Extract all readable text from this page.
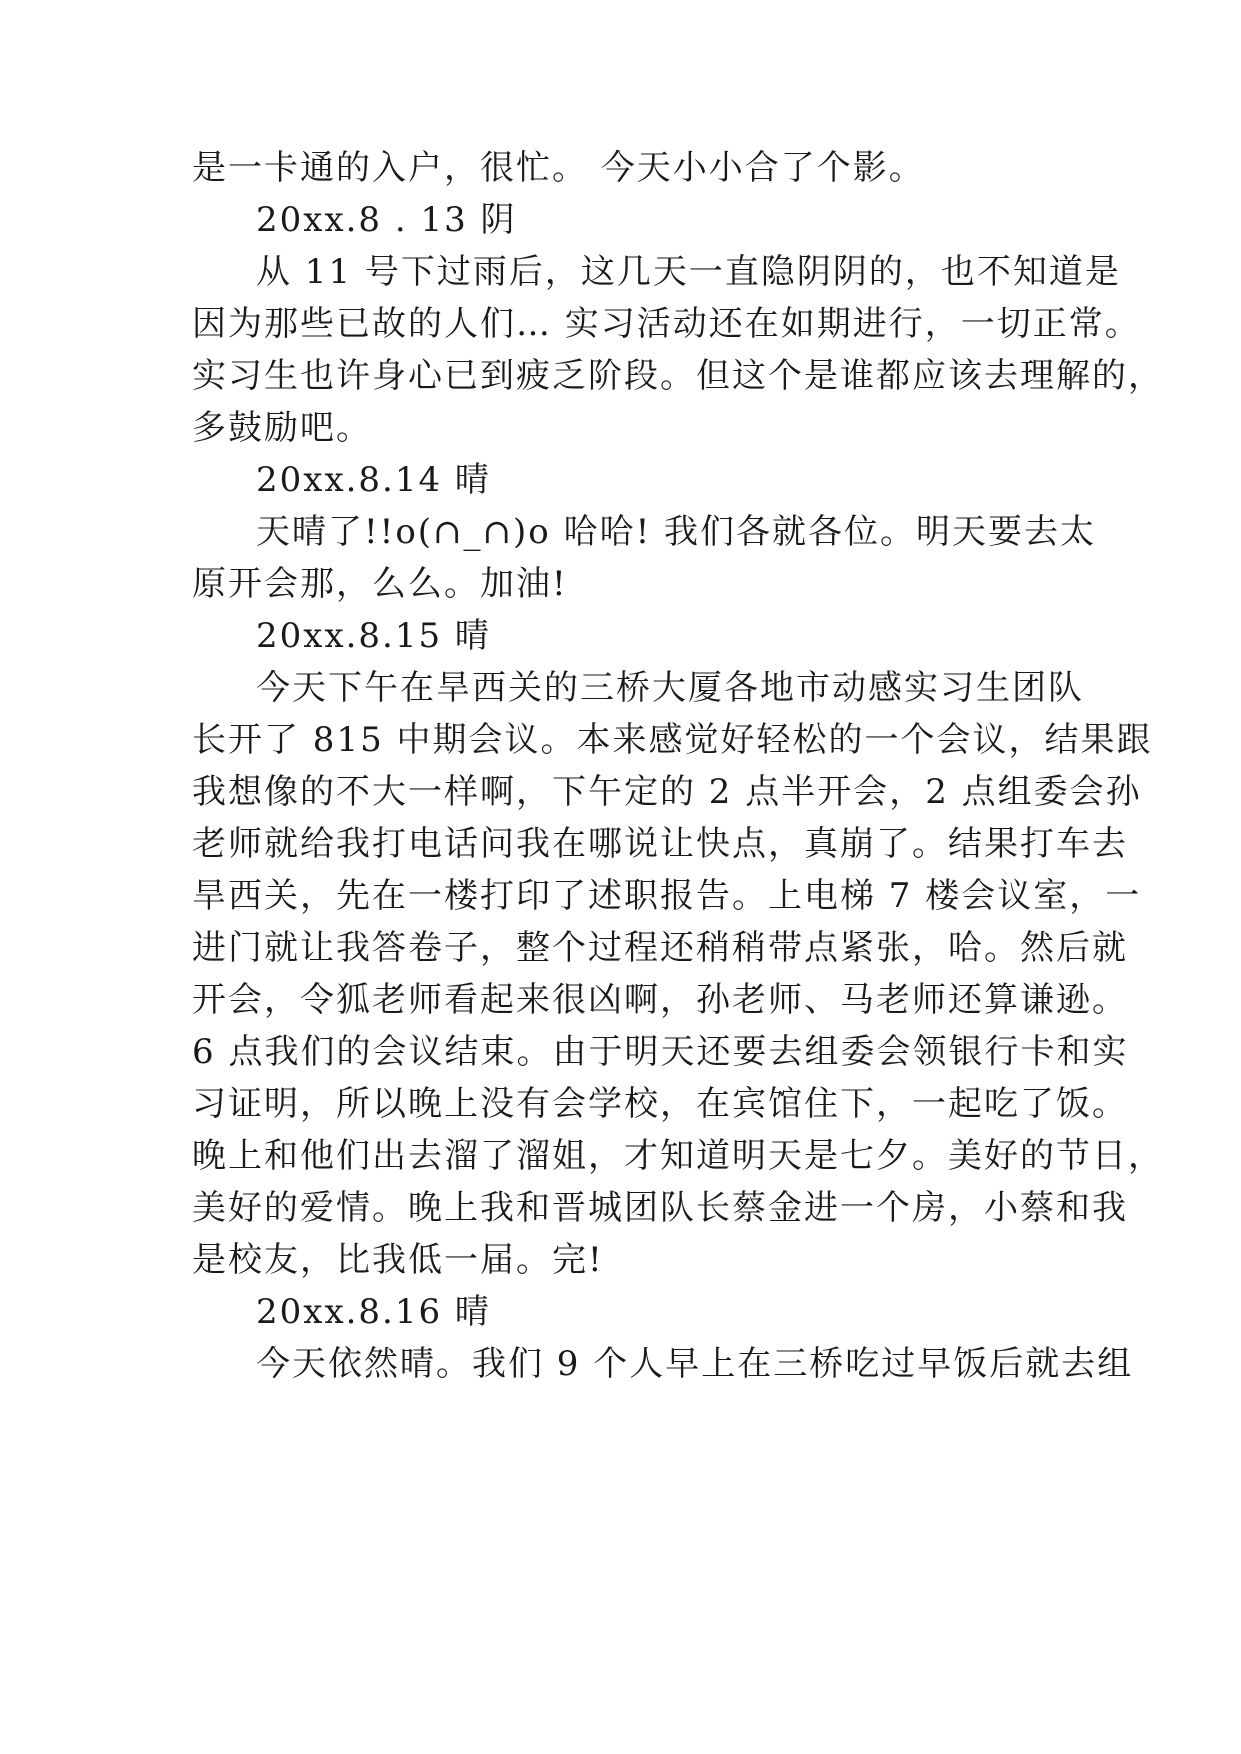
是一卡通的入户，很忙。 今天小小合了个影。
20xx.8 . 13 阴
从 11 号下过雨后，这几天一直隐阴阴的，也不知道是
因为那些已故的人们… 实习活动还在如期进行，一切正常。
实习生也许身心已到疲乏阶段。但这个是谁都应该去理解的，
多鼓励吧。
20xx.8.14 晴
天晴了!!o(∩_∩)o 哈哈! 我们各就各位。明天要去太
原开会那，么么。加油!
20xx.8.15 晴
今天下午在旱西关的三桥大厦各地市动感实习生团队
长开了 815 中期会议。本来感觉好轻松的一个会议，结果跟
我想像的不大一样啊，下午定的 2 点半开会，2 点组委会孙
老师就给我打电话问我在哪说让快点，真崩了。结果打车去
旱西关，先在一楼打印了述职报告。上电梯 7 楼会议室，一
进门就让我答卷子，整个过程还稍稍带点紧张，哈。然后就
开会，令狐老师看起来很凶啊，孙老师、马老师还算谦逊。
6 点我们的会议结束。由于明天还要去组委会领银行卡和实
习证明，所以晚上没有会学校，在宾馆住下，一起吃了饭。
晚上和他们出去溜了溜姐，才知道明天是七夕。美好的节日，
美好的爱情。晚上我和晋城团队长蔡金进一个房，小蔡和我
是校友，比我低一届。完!
20xx.8.16 晴
今天依然晴。我们 9 个人早上在三桥吃过早饭后就去组
